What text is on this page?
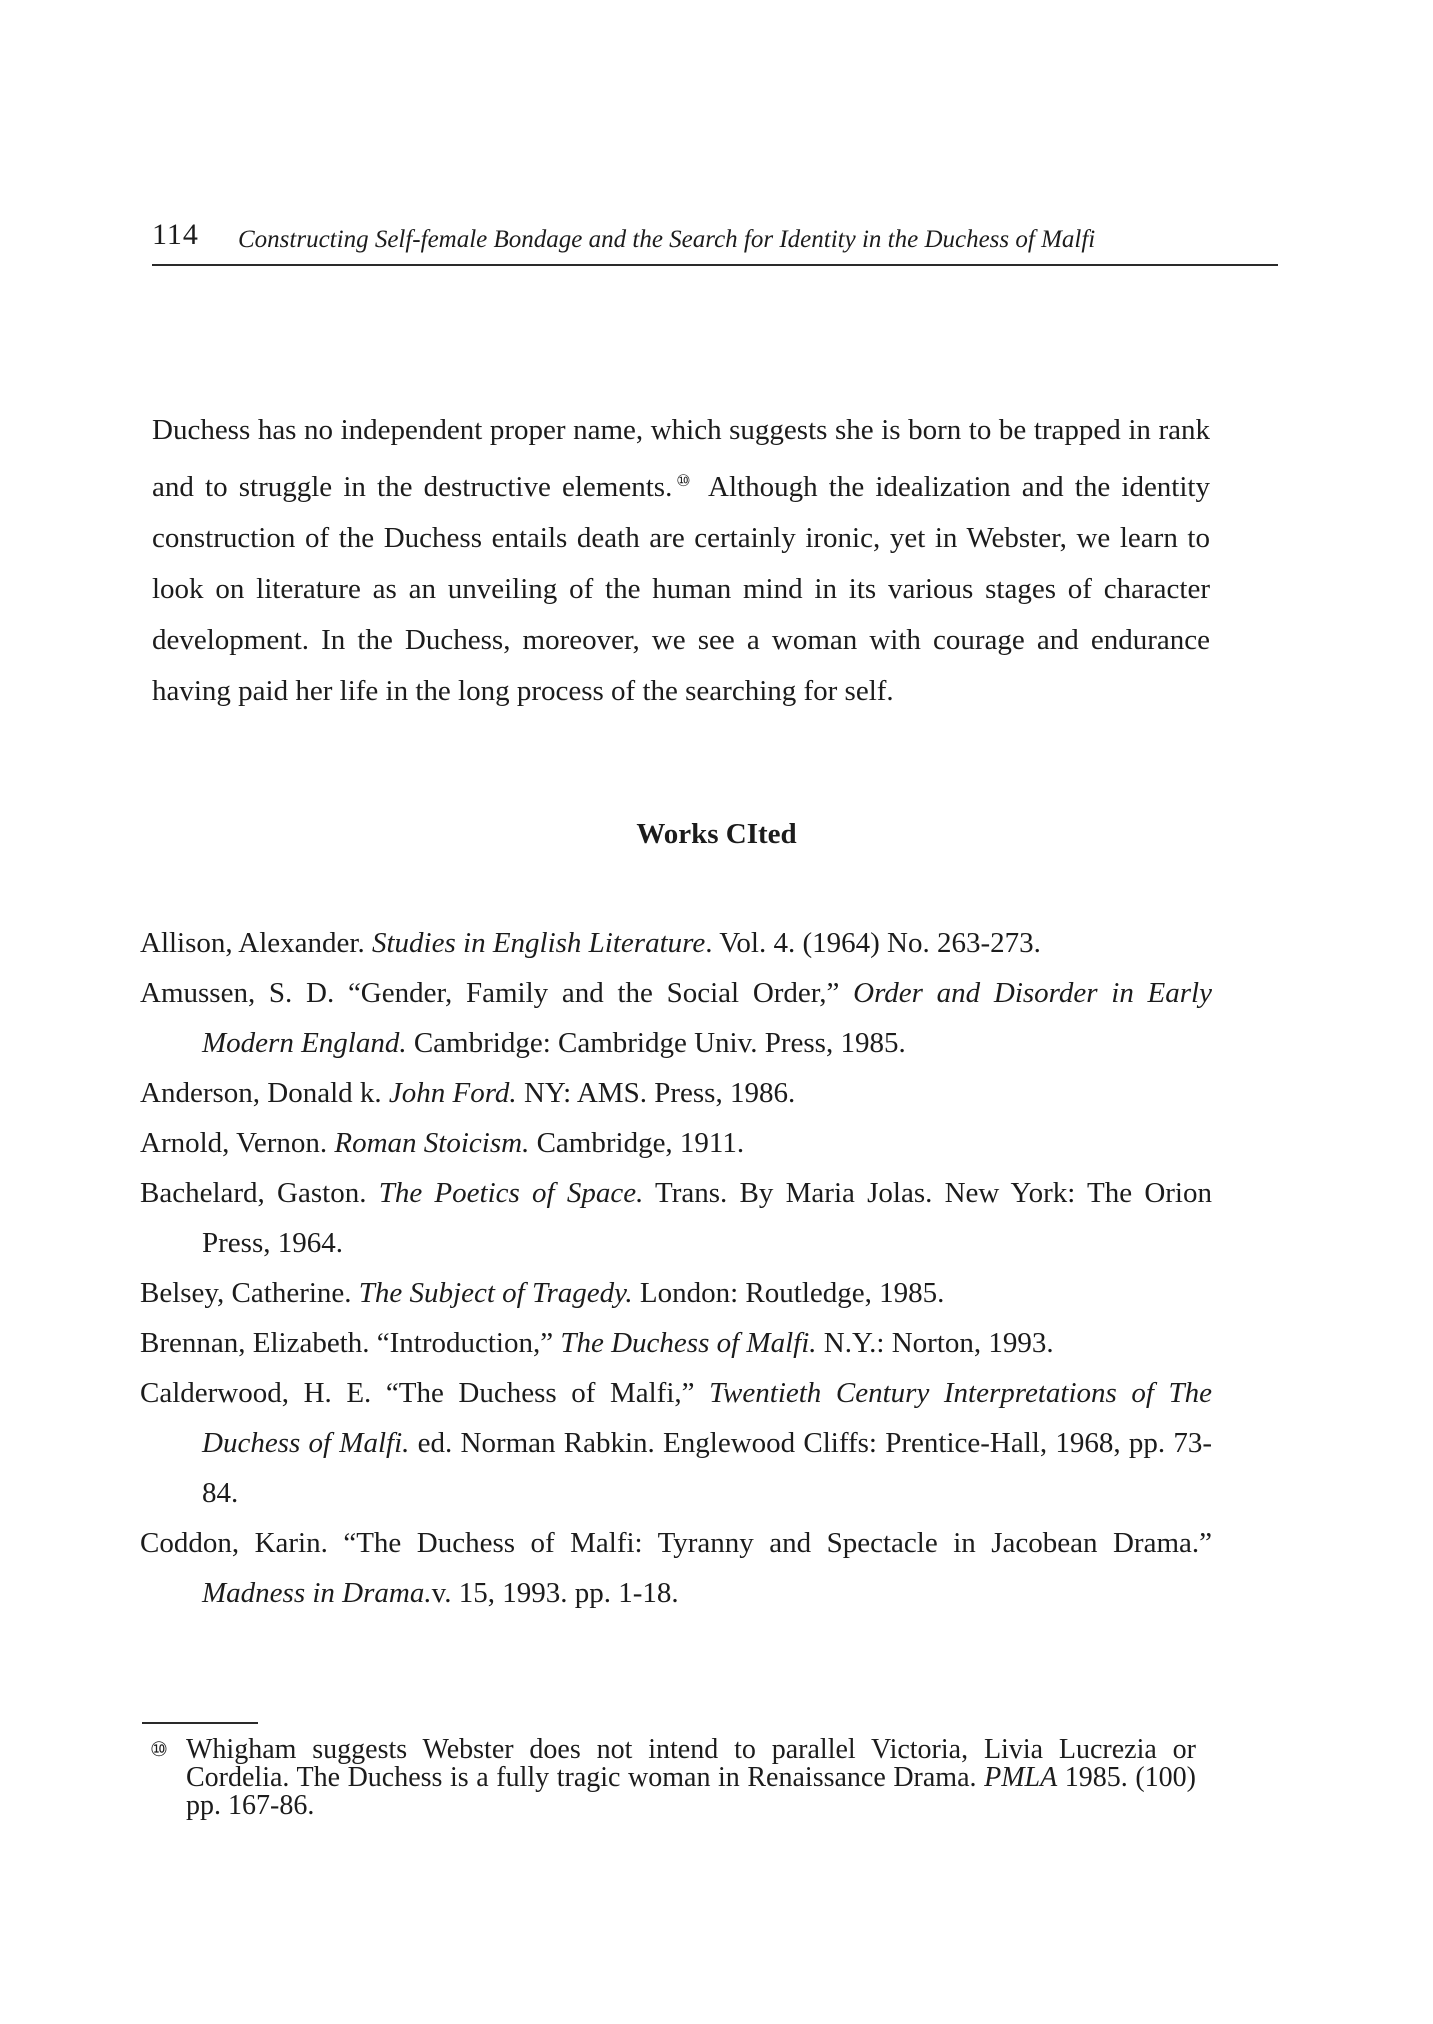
114 Constructing Self-female Bondage and the Search for Identity in the Duchess of Malfi

Duchess has no independent proper name, which suggests she is born to be trapped in rank and to struggle in the destructive elements.⑩ Although the idealization and the identity construction of the Duchess entails death are certainly ironic, yet in Webster, we learn to look on literature as an unveiling of the human mind in its various stages of character development. In the Duchess, moreover, we see a woman with courage and endurance having paid her life in the long process of the searching for self.

Works CIted
Allison, Alexander. Studies in English Literature. Vol. 4. (1964) No. 263-273.
Amussen, S. D. “Gender, Family and the Social Order,” Order and Disorder in Early Modern England. Cambridge: Cambridge Univ. Press, 1985.
Anderson, Donald k. John Ford. NY: AMS. Press, 1986.
Arnold, Vernon. Roman Stoicism. Cambridge, 1911.
Bachelard, Gaston. The Poetics of Space. Trans. By Maria Jolas. New York: The Orion Press, 1964.
Belsey, Catherine. The Subject of Tragedy. London: Routledge, 1985.
Brennan, Elizabeth. “Introduction,” The Duchess of Malfi. N.Y.: Norton, 1993.
Calderwood, H. E. “The Duchess of Malfi,” Twentieth Century Interpretations of The Duchess of Malfi. ed. Norman Rabkin. Englewood Cliffs: Prentice-Hall, 1968, pp. 73-84.
Coddon, Karin. “The Duchess of Malfi: Tyranny and Spectacle in Jacobean Drama.” Madness in Drama.v. 15, 1993. pp. 1-18.
⑩ Whigham suggests Webster does not intend to parallel Victoria, Livia Lucrezia or Cordelia. The Duchess is a fully tragic woman in Renaissance Drama. PMLA 1985. (100) pp. 167-86.
